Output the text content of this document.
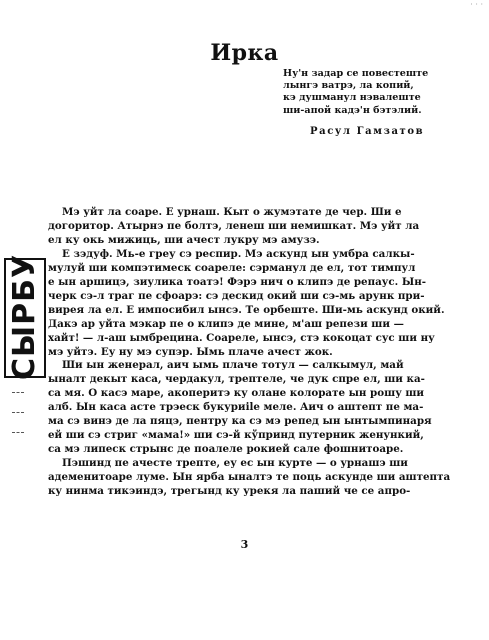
· · ·
Ирка
Ну'н задар се повестеште
лынгэ ватрэ, ла копий,
кэ душманул нэвалеште
ши-апой кадэ'н бэтэлий.
Расул Гамзатов
СЫРБУ
Мэ уйт ла соаре. Е урнаш. Кыт о жумэтате де чер. Ши е
догоритор. Атырнэ пе болтэ, ленеш ши немишкат. Мэ уйт ла
ел ку окь мижиць, ши ачест лукру мэ амузэ.
Е зэдуф. Мь-е греу сэ респир. Мэ аскунд ын умбра салкы-
мулуй ши компэтимеск соареле: сэрманул де ел, тот тимпул
е ын аршицэ, зиулика тоатэ! Фэрэ нич о клипэ де репаус. Ын-
черк сэ-л траг пе сфоарэ: сэ дескид окий ши сэ-мь арунк при-
вирея ла ел. Е импосибил ынсэ. Те орбеште. Ши-мь аскунд окий.
Дакэ ар уйта мэкар пе о клипэ де мине, м'аш репези ши —
хайт! — л-аш ымбрецина. Соареле, ынсэ, стэ кокоцат сус ши ну
мэ уйтэ. Еу ну мэ супэр. Ымь плаче ачест жок.
Ши ын женерал, аич ымь плаче тотул — салкымул, май
ыналт декыт каса, чердакул, трептеле, че дук спре ел, ши ка-
са мя. О касэ маре, акоперитэ ку олане колорате ын рошу ши
алб. Ын каса асте трэеск букуриile меле. Аич о аштепт пе ма-
ма сэ винэ де ла пяцэ, пентру ка сэ мэ репед ын ынтымпинаря
ей ши сэ стриг «мама!» ши сэ-й кўпринд путерник женункий,
са мэ липеск стрынс де поалеле рокией сале фошнитоаре.
Пэшинд пе ачесте трепте, еу ес ын курте — о урнашэ ши
адеменитоаре луме. Ын ярба ыналтэ те поць аскунде ши аштепта
ку нинма тикэиндэ, трегынд ку урекя ла паший че се апро-
3
